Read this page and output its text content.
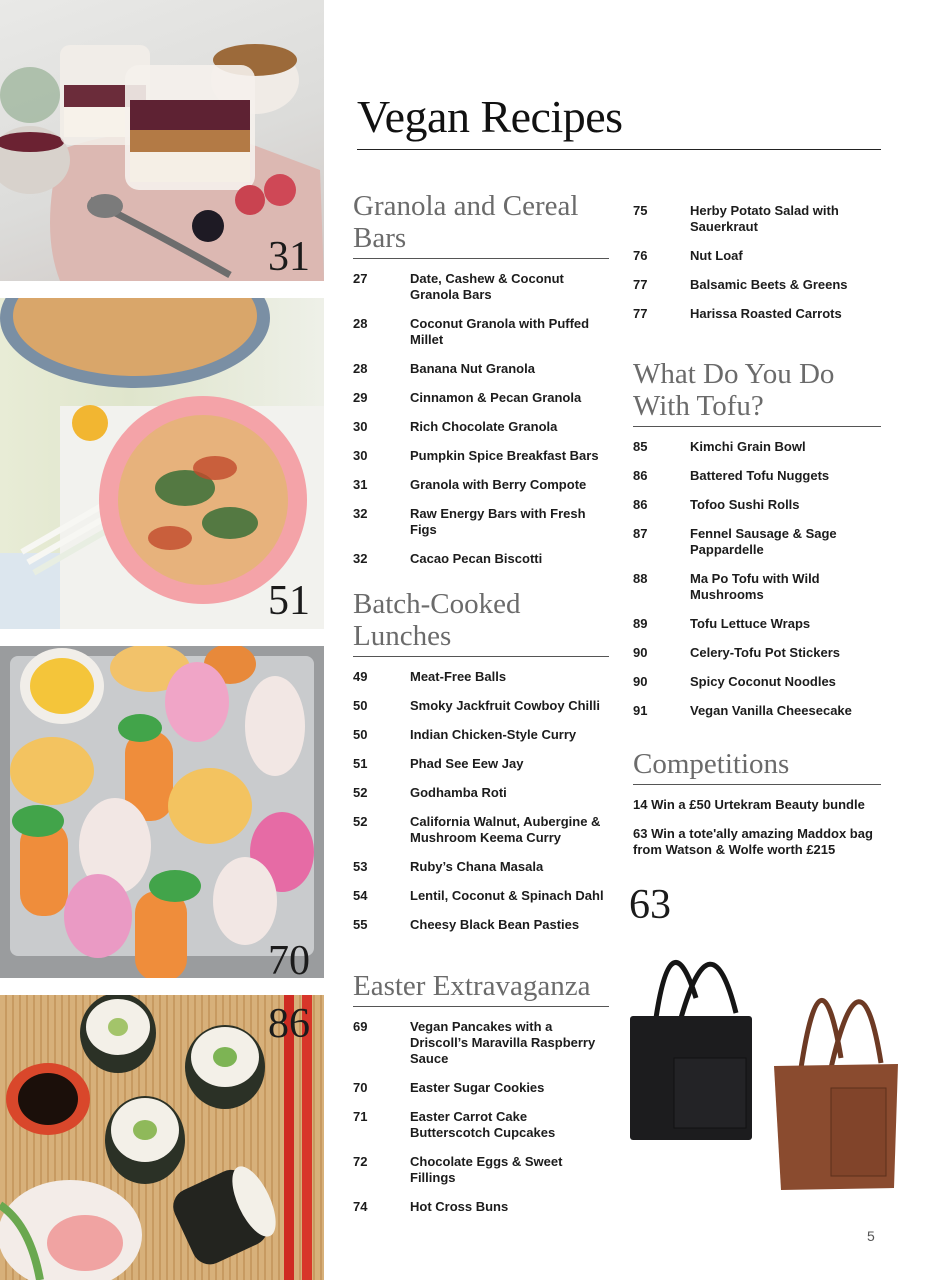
31
51
70
86
Vegan Recipes
Granola and Cereal Bars
27	Date, Cashew & Coconut Granola Bars
28	Coconut Granola with Puffed Millet
28	Banana Nut Granola
29	Cinnamon & Pecan Granola
30	Rich Chocolate Granola
30	Pumpkin Spice Breakfast Bars
31	Granola with Berry Compote
32	Raw Energy Bars with Fresh Figs
32	Cacao Pecan Biscotti
Batch-Cooked Lunches
49	Meat-Free Balls
50	Smoky Jackfruit Cowboy Chilli
50	Indian Chicken-Style Curry
51	Phad See Eew Jay
52	Godhamba Roti
52	California Walnut, Aubergine & Mushroom Keema Curry
53	Ruby’s Chana Masala
54	Lentil, Coconut & Spinach Dahl
55	Cheesy Black Bean Pasties
Easter Extravaganza
69	Vegan Pancakes with a Driscoll’s Maravilla Raspberry Sauce
70	Easter Sugar Cookies
71	Easter Carrot Cake Butterscotch Cupcakes
72	Chocolate Eggs & Sweet Fillings
74	Hot Cross Buns
75	Herby Potato Salad with Sauerkraut
76	Nut Loaf
77	Balsamic Beets & Greens
77	Harissa Roasted Carrots
What Do You Do With Tofu?
85	Kimchi Grain Bowl
86	Battered Tofu Nuggets
86	Tofoo Sushi Rolls
87	Fennel Sausage & Sage Pappardelle
88	Ma Po Tofu with Wild Mushrooms
89	Tofu Lettuce Wraps
90	Celery-Tofu Pot Stickers
90	Spicy Coconut Noodles
91	Vegan Vanilla Cheesecake
Competitions
14 Win a £50 Urtekram Beauty bundle
63 Win a tote'ally amazing Maddox bag from Watson & Wolfe worth £215
63
5
